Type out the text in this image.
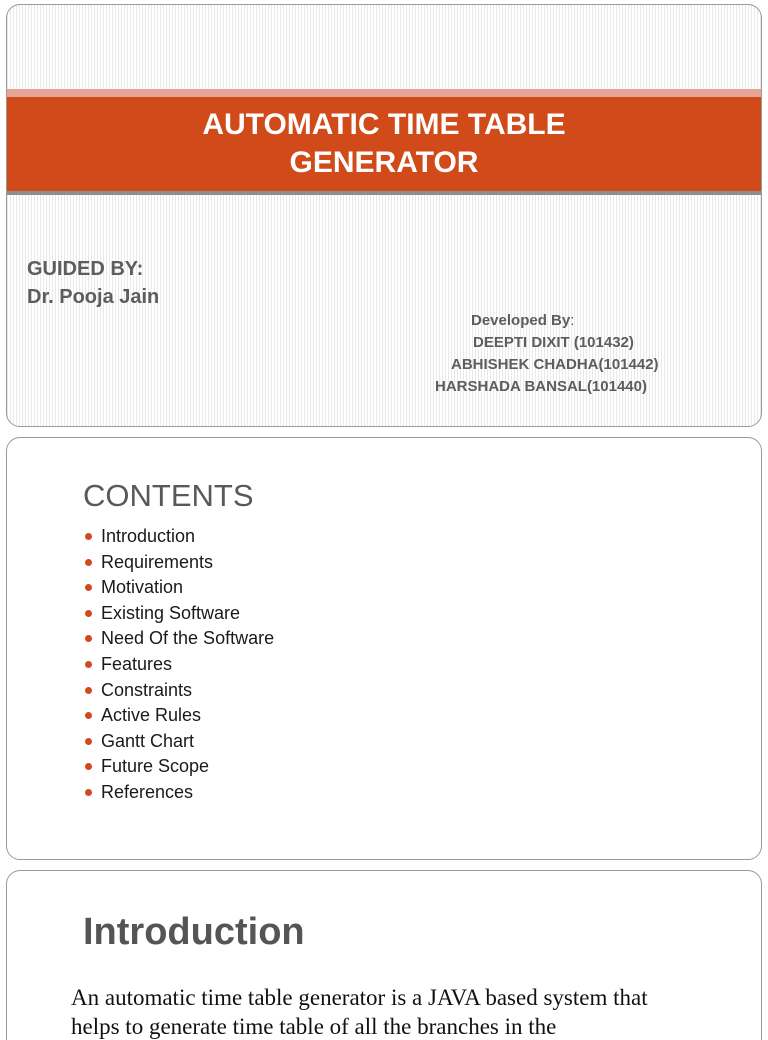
AUTOMATIC TIME TABLE
GENERATOR

GUIDED BY:
Dr. Pooja Jain
Developed By:
DEEPTI DIXIT (101432)
ABHISHEK CHADHA(101442)
HARSHADA BANSAL(101440)
CONTENTS
Introduction
Requirements
Motivation
Existing Software
Need Of the Software
Features
Constraints
Active Rules
Gantt Chart
Future Scope
References
Introduction

An automatic time table generator is a JAVA based system that helps to generate time table of all the branches in the
